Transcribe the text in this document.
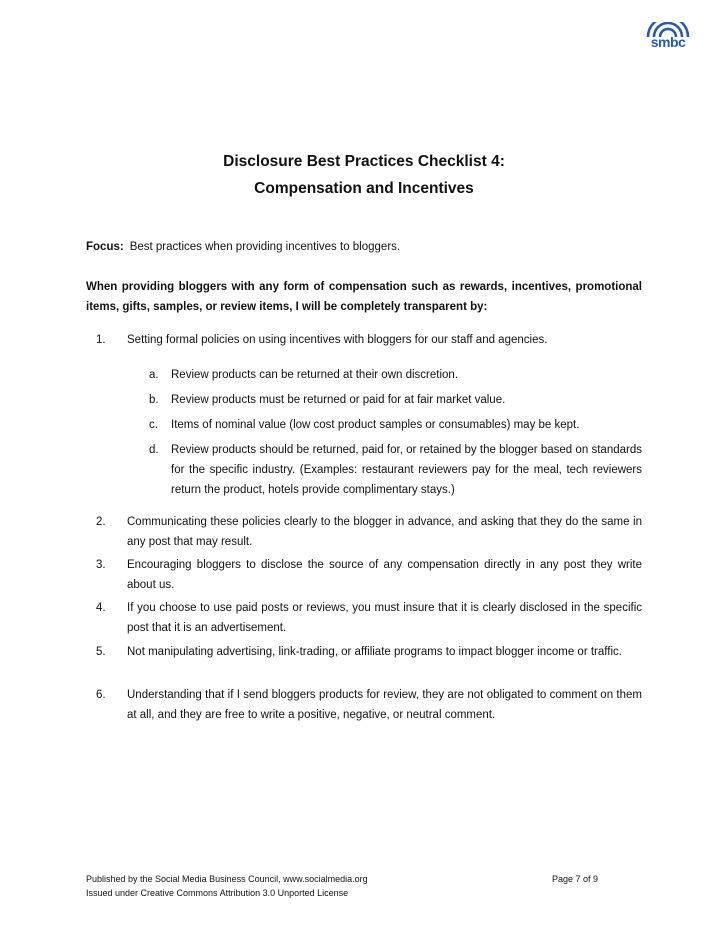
smbc
Disclosure Best Practices Checklist 4:
Compensation and Incentives
Focus: Best practices when providing incentives to bloggers.
When providing bloggers with any form of compensation such as rewards, incentives, promotional items, gifts, samples, or review items, I will be completely transparent by:
1. Setting formal policies on using incentives with bloggers for our staff and agencies.
a. Review products can be returned at their own discretion.
b. Review products must be returned or paid for at fair market value.
c. Items of nominal value (low cost product samples or consumables) may be kept.
d. Review products should be returned, paid for, or retained by the blogger based on standards for the specific industry. (Examples: restaurant reviewers pay for the meal, tech reviewers return the product, hotels provide complimentary stays.)
2. Communicating these policies clearly to the blogger in advance, and asking that they do the same in any post that may result.
3. Encouraging bloggers to disclose the source of any compensation directly in any post they write about us.
4. If you choose to use paid posts or reviews, you must insure that it is clearly disclosed in the specific post that it is an advertisement.
5. Not manipulating advertising, link-trading, or affiliate programs to impact blogger income or traffic.
6. Understanding that if I send bloggers products for review, they are not obligated to comment on them at all, and they are free to write a positive, negative, or neutral comment.
Published by the Social Media Business Council, www.socialmedia.org
Issued under Creative Commons Attribution 3.0 Unported License
Page 7 of 9
